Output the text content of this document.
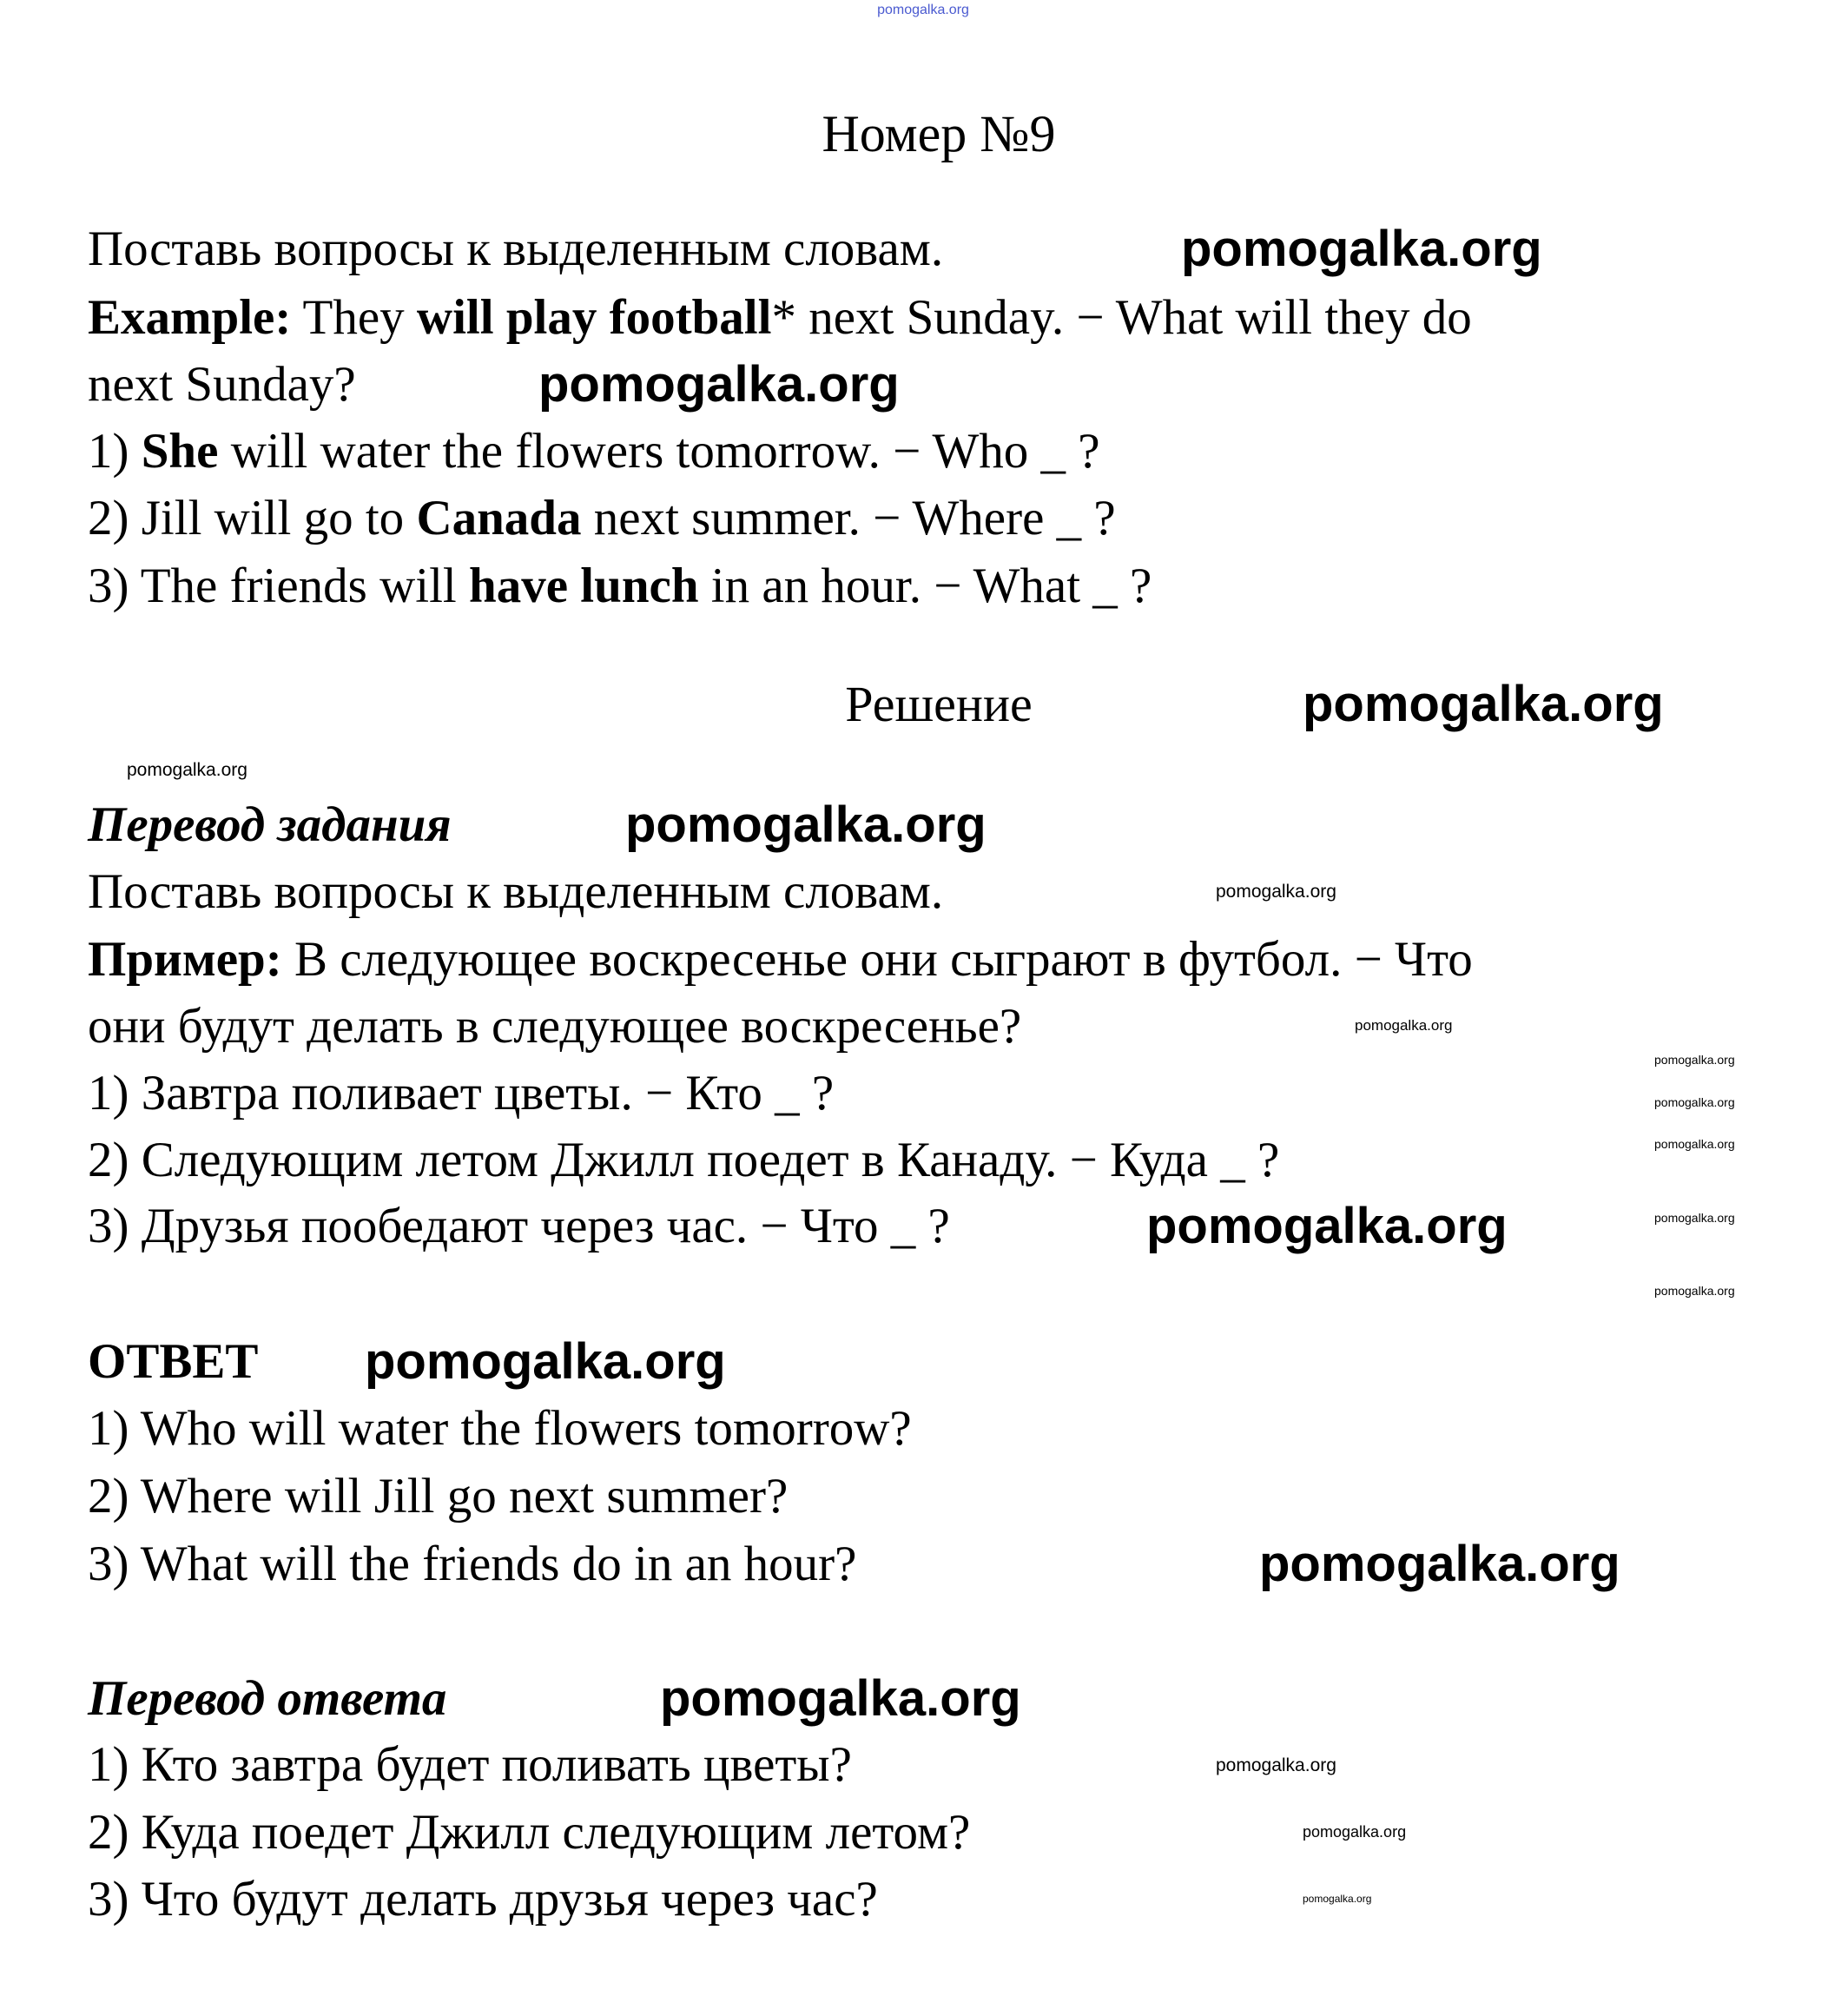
pomogalka.org
Номер №9
Поставь вопросы к выделенным словам.
Example: They will play football* next Sunday. − What will they do
next Sunday?
1) She will water the flowers tomorrow. − Who _ ?
2) Jill will go to Canada next summer. − Where _ ?
3) The friends will have lunch in an hour. − What _ ?
Решение
Перевод задания
Поставь вопросы к выделенным словам.
Пример: В следующее воскресенье они сыграют в футбол. − Что
они будут делать в следующее воскресенье?
1) Завтра поливает цветы. − Кто _ ?
2) Следующим летом Джилл поедет в Канаду. − Куда _ ?
3) Друзья пообедают через час. − Что _ ?
ОТВЕТ
1) Who will water the flowers tomorrow?
2) Where will Jill go next summer?
3) What will the friends do in an hour?
Перевод ответа
1) Кто завтра будет поливать цветы?
2) Куда поедет Джилл следующим летом?
3) Что будут делать друзья через час?
pomogalka.org
pomogalka.org
pomogalka.org
pomogalka.org
pomogalka.org
pomogalka.org
pomogalka.org
pomogalka.org
pomogalka.org
pomogalka.org
pomogalka.org
pomogalka.org
pomogalka.org
pomogalka.org
pomogalka.org
pomogalka.org
pomogalka.org
pomogalka.org
pomogalka.org
